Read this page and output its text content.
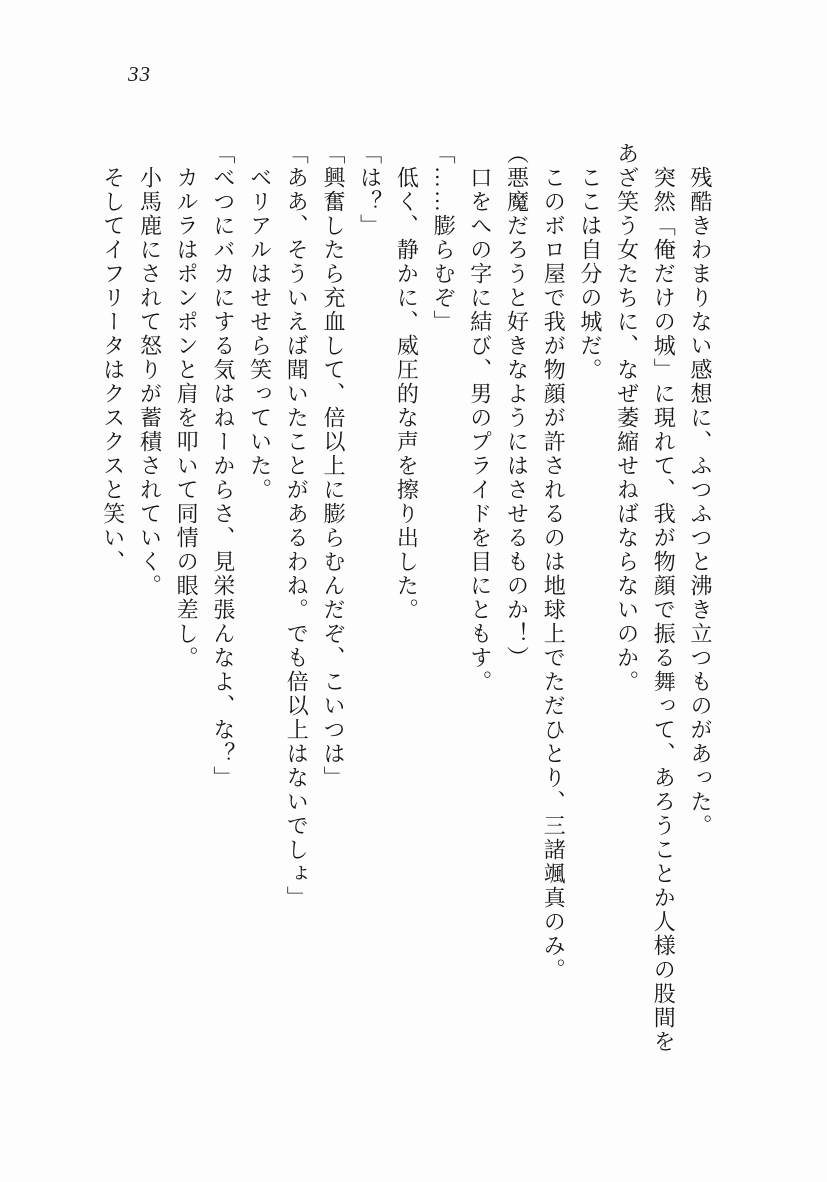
33

残酷きわまりない感想に、ふつふつと沸き立つものがあった。

突然「俺だけの城」に現れて、我が物顔で振る舞って、あろうことか人様の股間をあざ笑う女たちに、なぜ萎縮せねばならないのか。

ここは自分の城だ。

このボロ屋で我が物顔が許されるのは地球上でただひとり、三諸颯真のみ。

（悪魔だろうと好きなようにはさせるものか！）

口をへの字に結び、男のプライドを目にともす。

「……膨らむぞ」

低く、静かに、威圧的な声を擦り出した。

「は？」

「興奮したら充血して、倍以上に膨らむんだぞ、こいつは」

「ああ、そういえば聞いたことがあるわね。でも倍以上はないでしょ」

ベリアルはせせら笑っていた。

「べつにバカにする気はねーからさ、見栄張んなよ、な？」

カルラはポンポンと肩を叩いて同情の眼差し。

小馬鹿にされて怒りが蓄積されていく。

そしてイフリータはクスクスと笑い、
